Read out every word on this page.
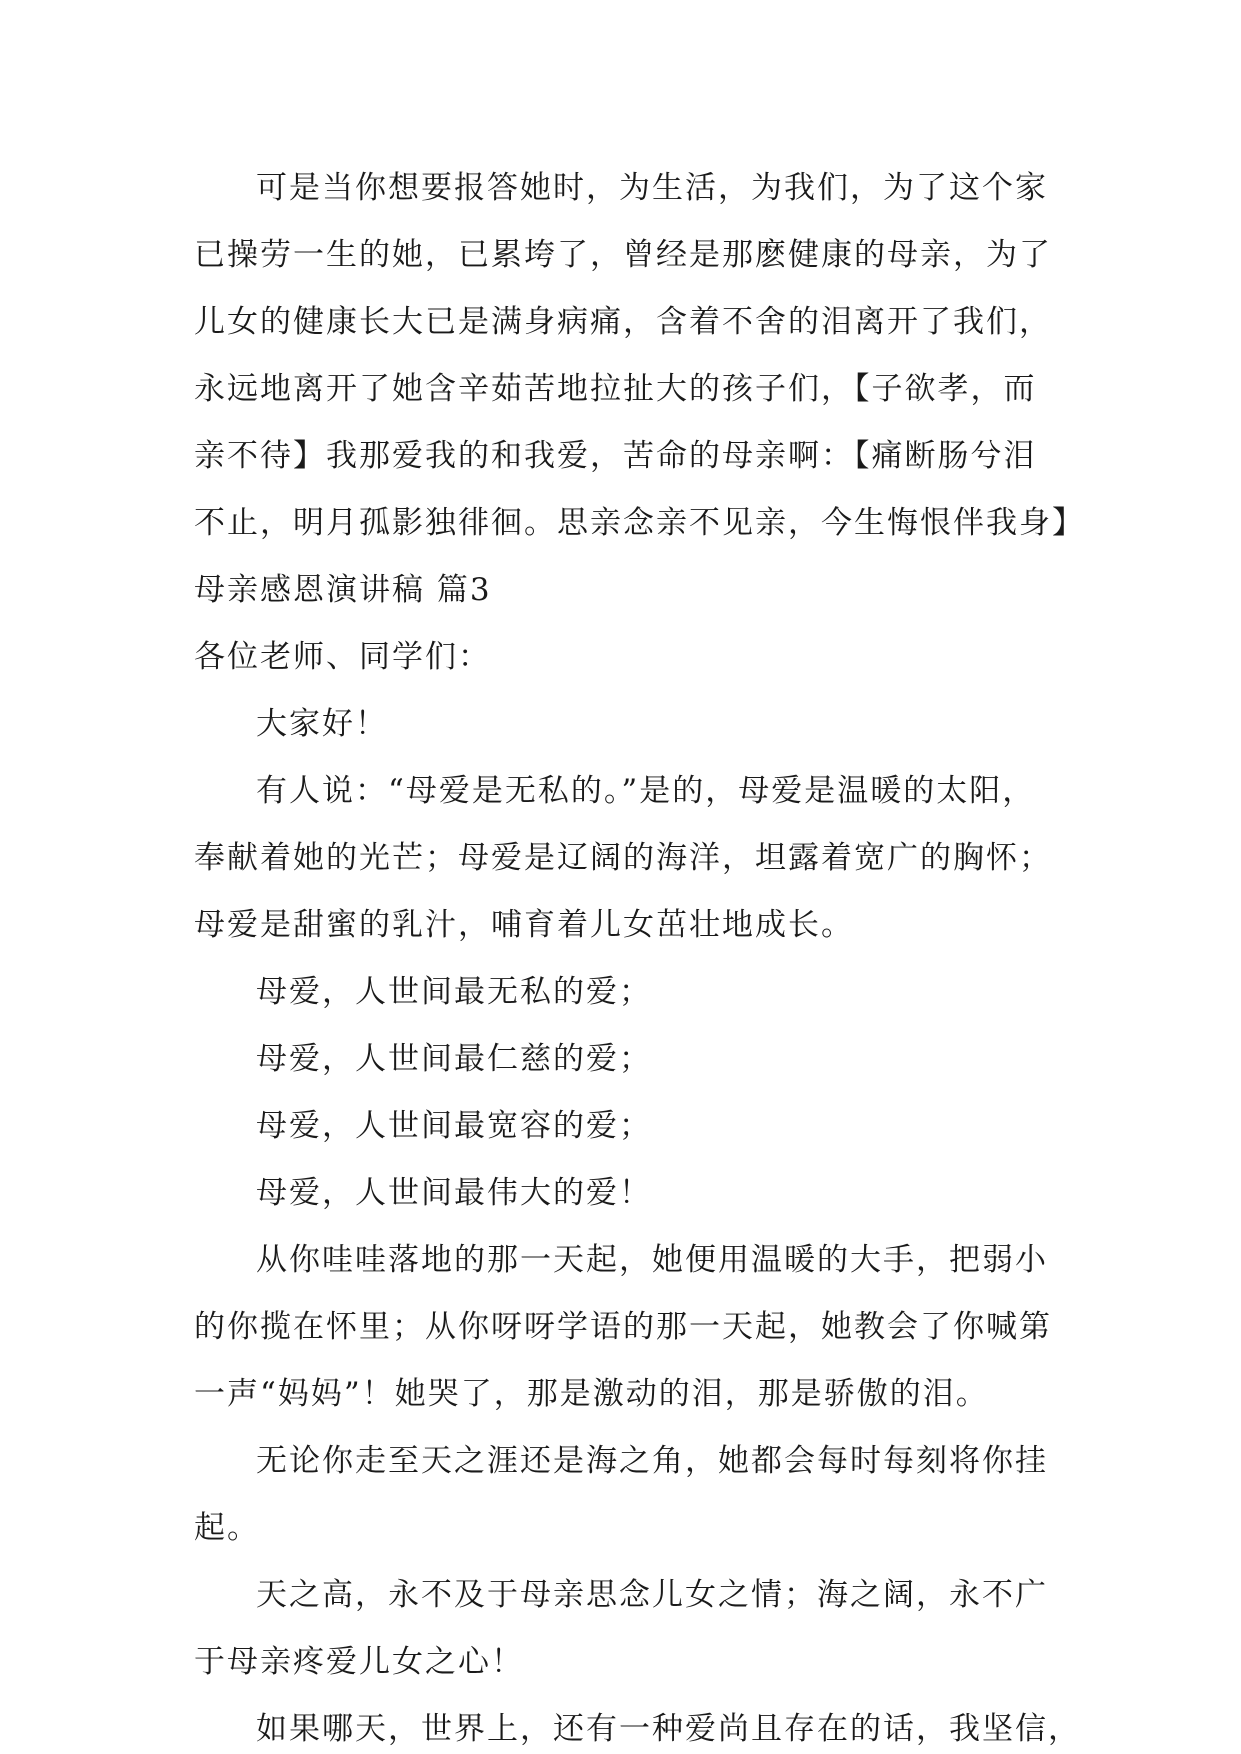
可是当你想要报答她时，为生活，为我们，为了这个家
已操劳一生的她，已累垮了，曾经是那麽健康的母亲，为了
儿女的健康长大已是满身病痛，含着不舍的泪离开了我们，
永远地离开了她含辛茹苦地拉扯大的孩子们，【子欲孝，而
亲不待】我那爱我的和我爱，苦命的母亲啊：【痛断肠兮泪
不止，明月孤影独徘徊。思亲念亲不见亲，今生悔恨伴我身】
母亲感恩演讲稿 篇3
各位老师、同学们：
大家好！
有人说：“母爱是无私的。”是的，母爱是温暖的太阳，
奉献着她的光芒；母爱是辽阔的海洋，坦露着宽广的胸怀；
母爱是甜蜜的乳汁，哺育着儿女茁壮地成长。
母爱，人世间最无私的爱；
母爱，人世间最仁慈的爱；
母爱，人世间最宽容的爱；
母爱，人世间最伟大的爱！
从你哇哇落地的那一天起，她便用温暖的大手，把弱小
的你揽在怀里；从你呀呀学语的那一天起，她教会了你喊第
一声“妈妈”！她哭了，那是激动的泪，那是骄傲的泪。
无论你走至天之涯还是海之角，她都会每时每刻将你挂
起。
天之高，永不及于母亲思念儿女之情；海之阔，永不广
于母亲疼爱儿女之心！
如果哪天，世界上，还有一种爱尚且存在的话，我坚信，
